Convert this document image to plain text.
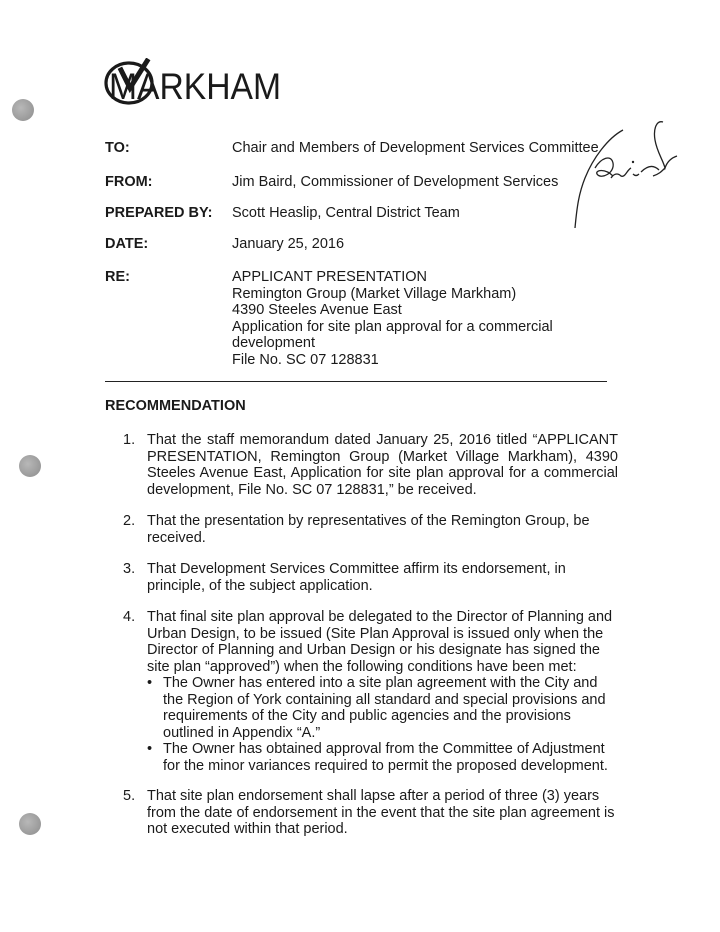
MARKHAM
TO:	Chair and Members of Development Services Committee
FROM:	Jim Baird, Commissioner of Development Services
PREPARED BY: Scott Heaslip, Central District Team
DATE:	January 25, 2016
RE:	APPLICANT PRESENTATION
Remington Group (Market Village Markham)
4390 Steeles Avenue East
Application for site plan approval for a commercial
development
File No. SC 07 128831
RECOMMENDATION
1. That the staff memorandum dated January 25, 2016 titled “APPLICANT PRESENTATION, Remington Group (Market Village Markham), 4390 Steeles Avenue East, Application for site plan approval for a commercial development, File No. SC 07 128831,” be received.
2. That the presentation by representatives of the Remington Group, be received.
3. That Development Services Committee affirm its endorsement, in principle, of the subject application.
4. That final site plan approval be delegated to the Director of Planning and Urban Design, to be issued (Site Plan Approval is issued only when the Director of Planning and Urban Design or his designate has signed the site plan “approved”) when the following conditions have been met:
• The Owner has entered into a site plan agreement with the City and the Region of York containing all standard and special provisions and requirements of the City and public agencies and the provisions outlined in Appendix “A.”
• The Owner has obtained approval from the Committee of Adjustment for the minor variances required to permit the proposed development.
5. That site plan endorsement shall lapse after a period of three (3) years from the date of endorsement in the event that the site plan agreement is not executed within that period.
